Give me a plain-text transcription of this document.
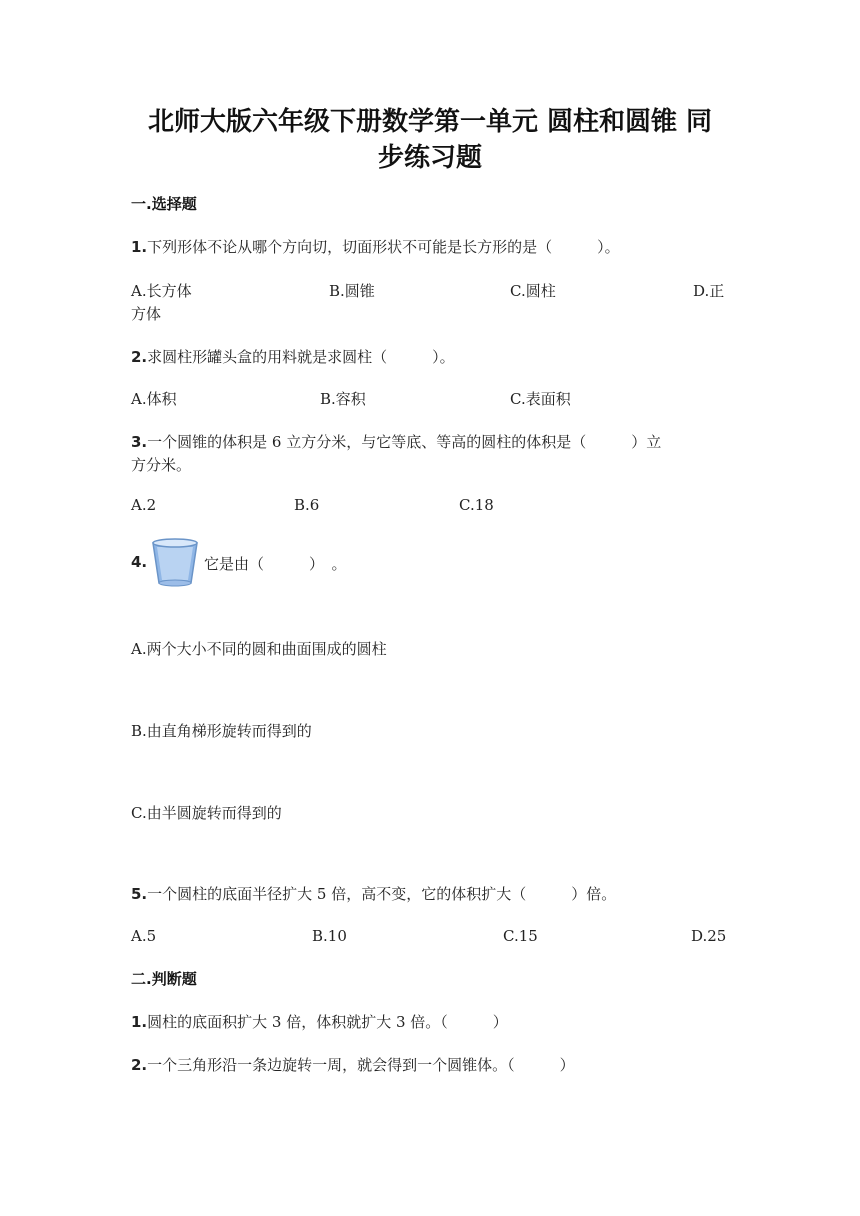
北师大版六年级下册数学第一单元 圆柱和圆锥 同
步练习题
一.选择题
1.下列形体不论从哪个方向切，切面形状不可能是长方形的是（　　　）。
A.长方体	B.圆锥	C.圆柱	D.正
方体
2.求圆柱形罐头盒的用料就是求圆柱（　　　）。
A.体积	B.容积	C.表面积
3.一个圆锥的体积是 6 立方分米，与它等底、等高的圆柱的体积是（　　　）立
方分米。
A.2	B.6	C.18
4.	它是由（　　　）　。
A.两个大小不同的圆和曲面围成的圆柱
B.由直角梯形旋转而得到的
C.由半圆旋转而得到的
5.一个圆柱的底面半径扩大 5 倍，高不变，它的体积扩大（　　　）倍。
A.5	B.10	C.15	D.25
二.判断题
1.圆柱的底面积扩大 3 倍，体积就扩大 3 倍。（　　　）
2.一个三角形沿一条边旋转一周，就会得到一个圆锥体。（　　　）
